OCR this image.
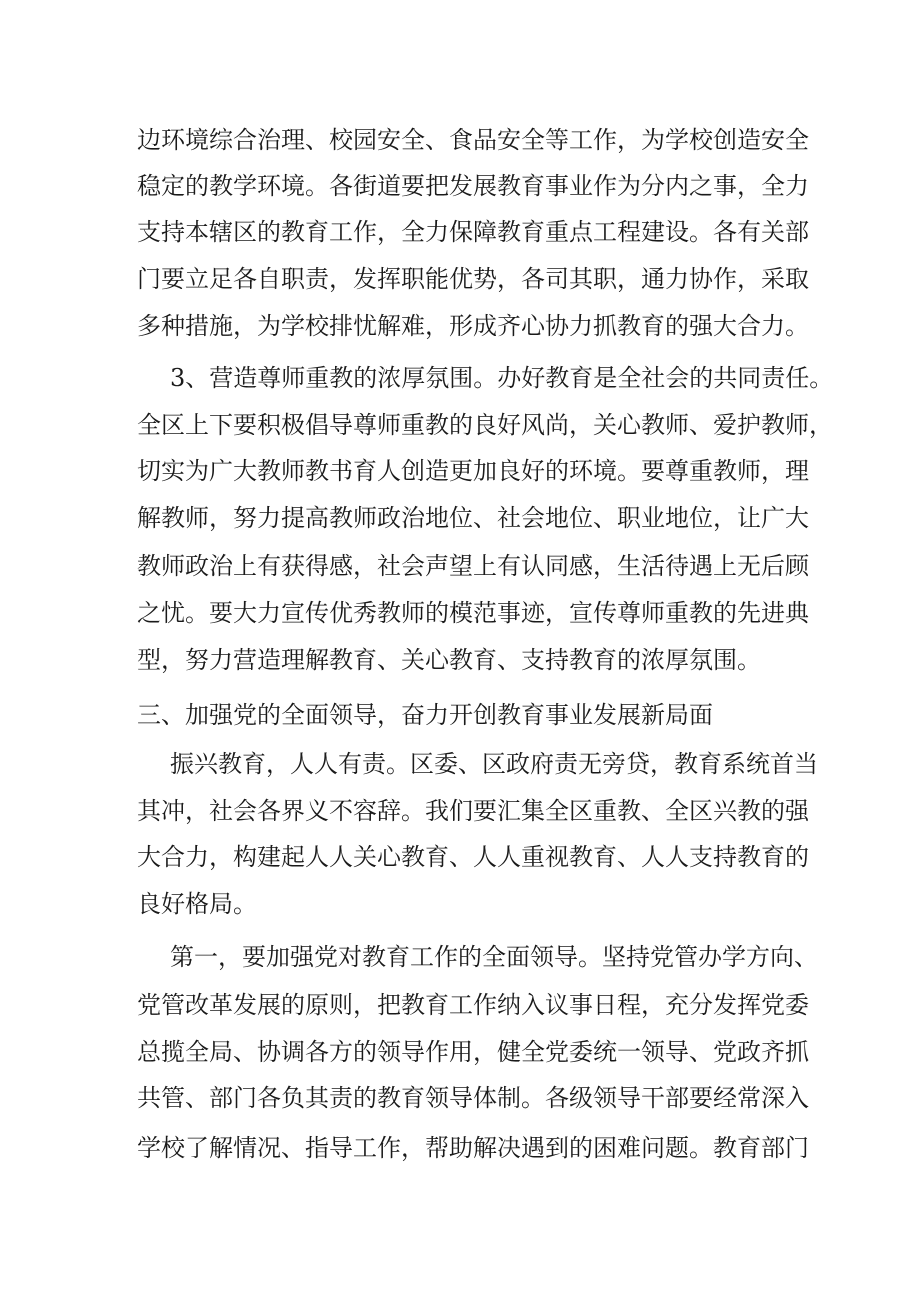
边环境综合治理、校园安全、食品安全等工作，为学校创造安全
稳定的教学环境。各街道要把发展教育事业作为分内之事，全力
支持本辖区的教育工作，全力保障教育重点工程建设。各有关部
门要立足各自职责，发挥职能优势，各司其职，通力协作，采取
多种措施，为学校排忧解难，形成齐心协力抓教育的强大合力。
3、营造尊师重教的浓厚氛围。办好教育是全社会的共同责任。
全区上下要积极倡导尊师重教的良好风尚，关心教师、爱护教师，
切实为广大教师教书育人创造更加良好的环境。要尊重教师，理
解教师，努力提高教师政治地位、社会地位、职业地位，让广大
教师政治上有获得感，社会声望上有认同感，生活待遇上无后顾
之忧。要大力宣传优秀教师的模范事迹，宣传尊师重教的先进典
型，努力营造理解教育、关心教育、支持教育的浓厚氛围。
三、加强党的全面领导，奋力开创教育事业发展新局面
振兴教育，人人有责。区委、区政府责无旁贷，教育系统首当
其冲，社会各界义不容辞。我们要汇集全区重教、全区兴教的强
大合力，构建起人人关心教育、人人重视教育、人人支持教育的
良好格局。
第一，要加强党对教育工作的全面领导。坚持党管办学方向、
党管改革发展的原则，把教育工作纳入议事日程，充分发挥党委
总揽全局、协调各方的领导作用，健全党委统一领导、党政齐抓
共管、部门各负其责的教育领导体制。各级领导干部要经常深入
学校了解情况、指导工作，帮助解决遇到的困难问题。教育部门
